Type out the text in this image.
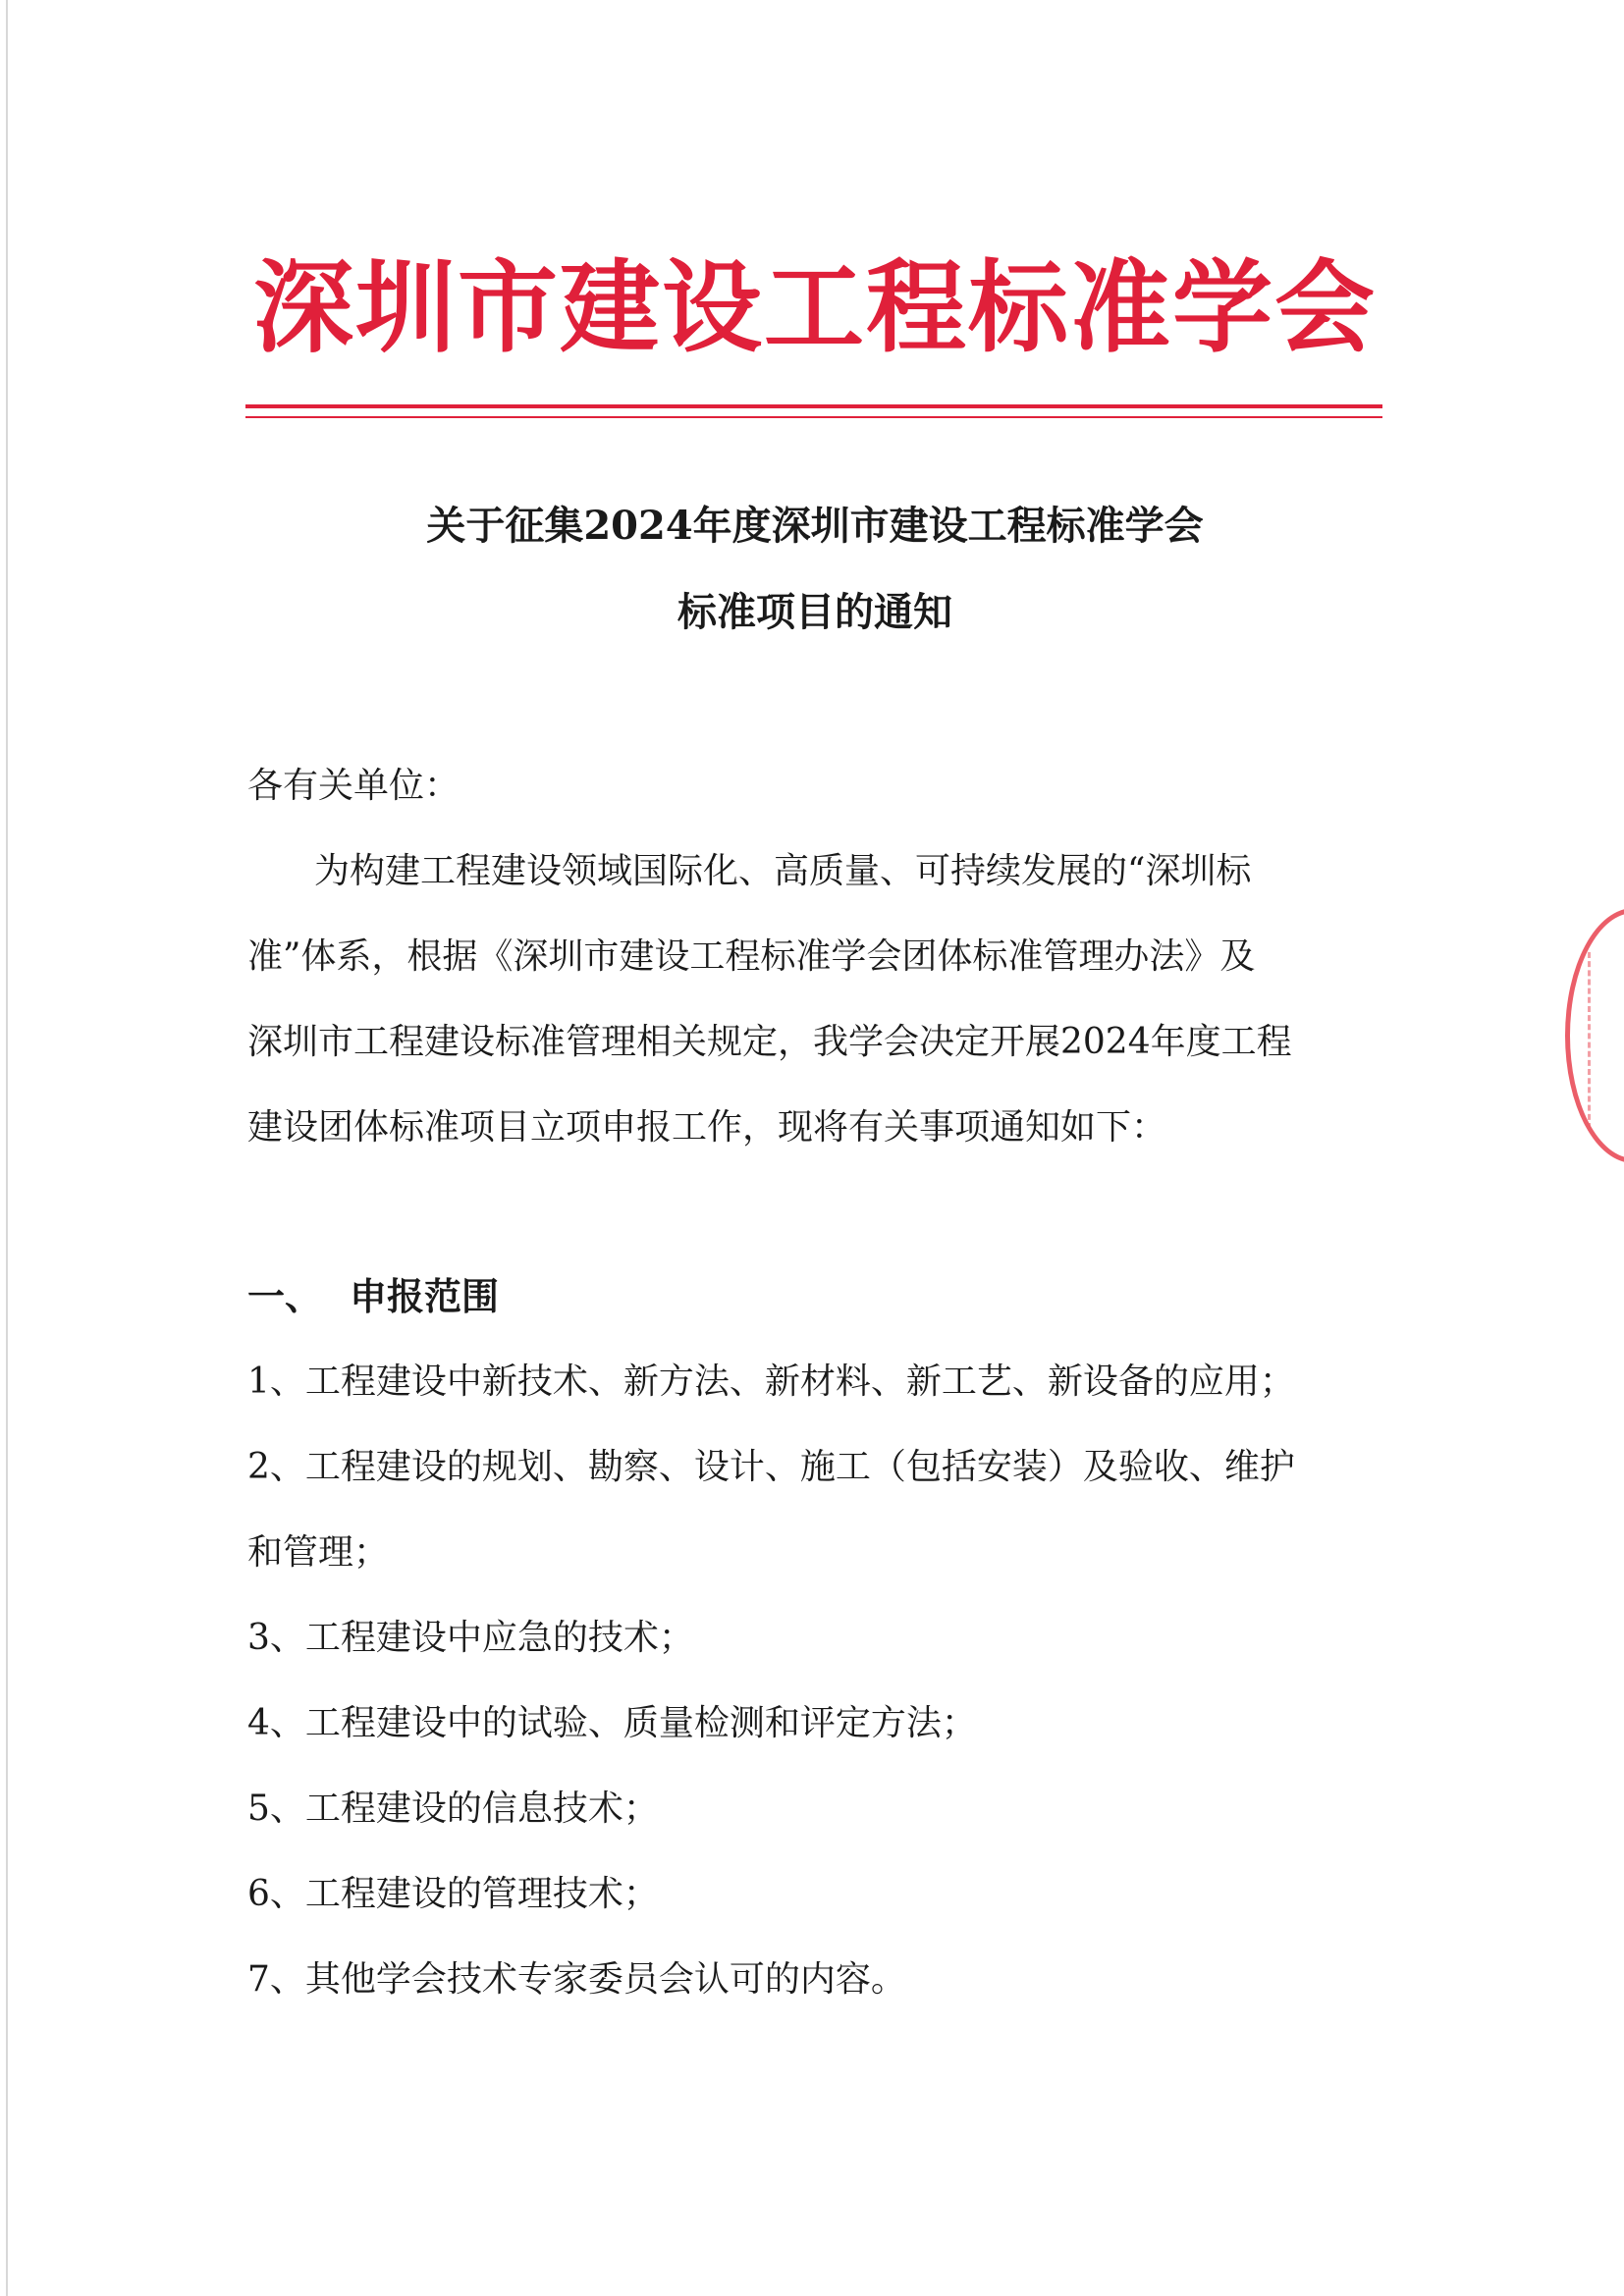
深圳市建设工程标准学会
关于征集2024年度深圳市建设工程标准学会
标准项目的通知
各有关单位：
为构建工程建设领域国际化、高质量、可持续发展的“深圳标
准”体系，根据《深圳市建设工程标准学会团体标准管理办法》及
深圳市工程建设标准管理相关规定，我学会决定开展2024年度工程
建设团体标准项目立项申报工作，现将有关事项通知如下：
一、 申报范围
1、工程建设中新技术、新方法、新材料、新工艺、新设备的应用；
2、工程建设的规划、勘察、设计、施工（包括安装）及验收、维护
和管理；
3、工程建设中应急的技术；
4、工程建设中的试验、质量检测和评定方法；
5、工程建设的信息技术；
6、工程建设的管理技术；
7、其他学会技术专家委员会认可的内容。
